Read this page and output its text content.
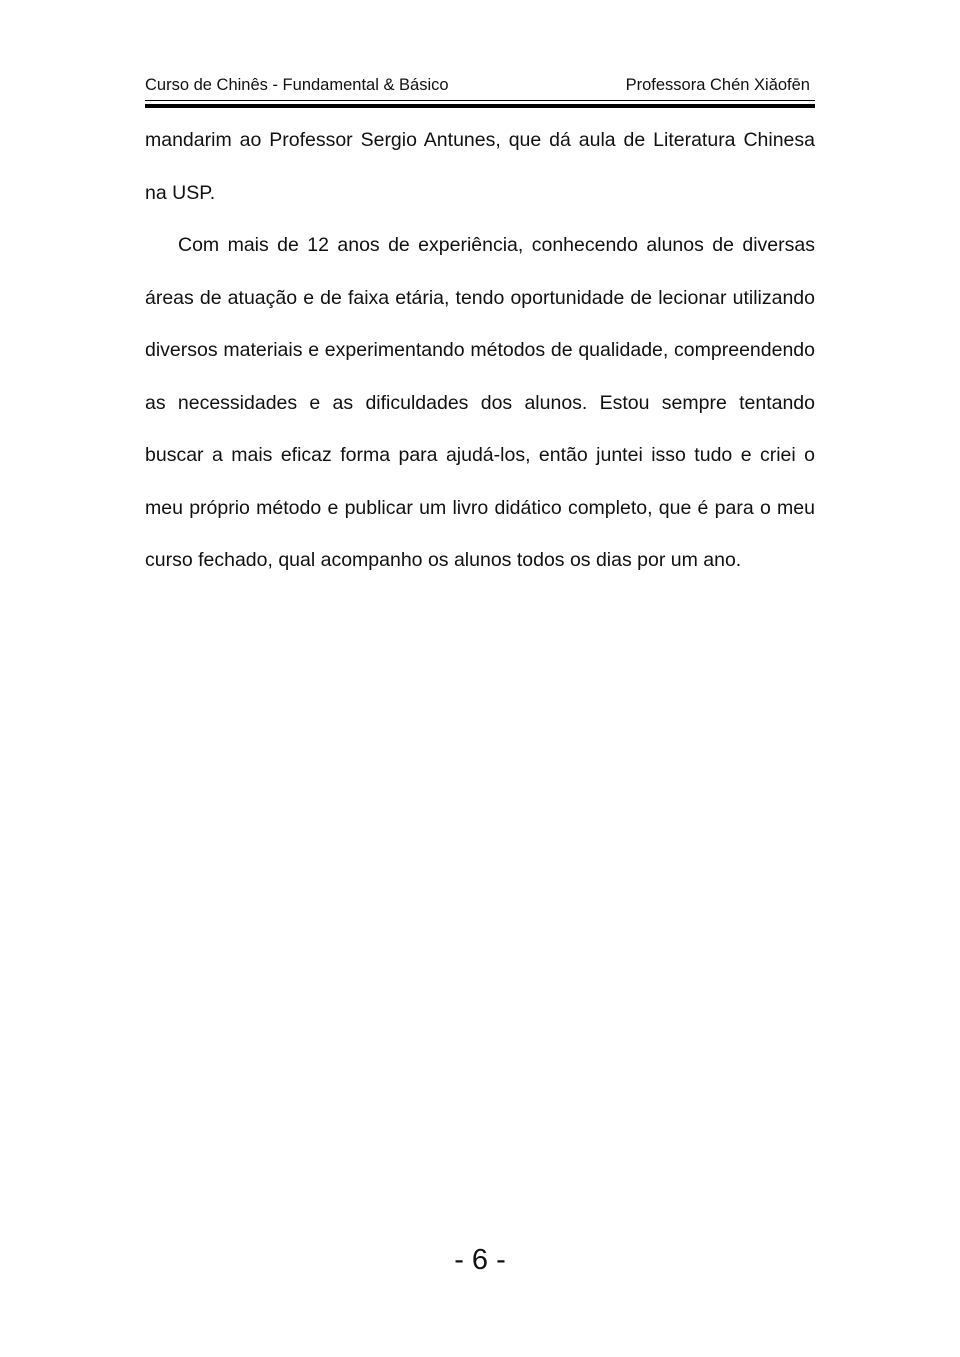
Curso de Chinês - Fundamental & Básico	Professora Chén Xiǎofēn

mandarim ao Professor Sergio Antunes, que dá aula de Literatura Chinesa na USP.

Com mais de 12 anos de experiência, conhecendo alunos de diversas áreas de atuação e de faixa etária, tendo oportunidade de lecionar utilizando diversos materiais e experimentando métodos de qualidade, compreendendo as necessidades e as dificuldades dos alunos. Estou sempre tentando buscar a mais eficaz forma para ajudá-los, então juntei isso tudo e criei o meu próprio método e publicar um livro didático completo, que é para o meu curso fechado, qual acompanho os alunos todos os dias por um ano.

- 6 -
